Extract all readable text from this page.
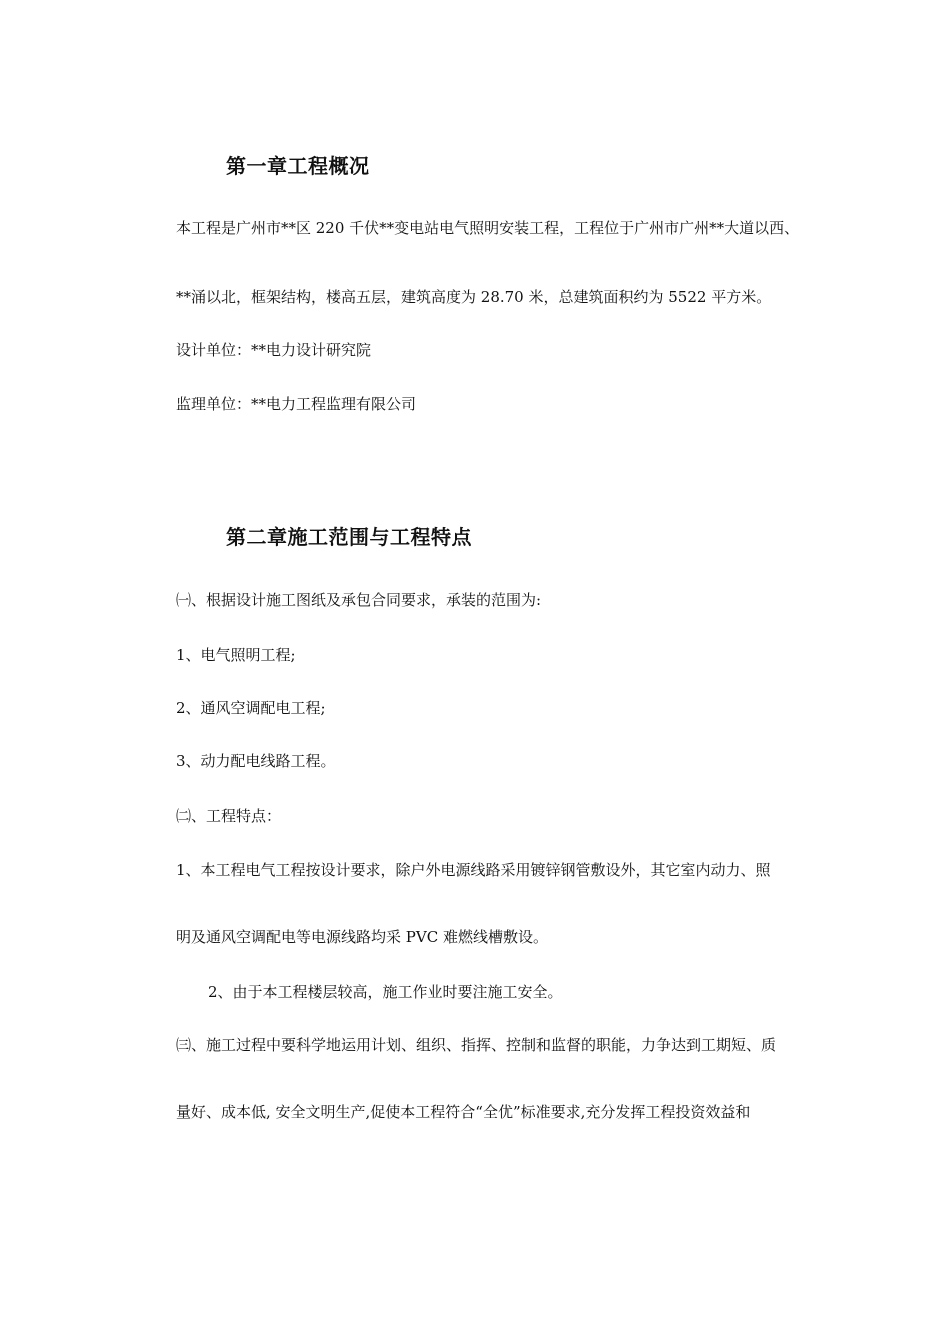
第一章工程概况
本工程是广州市**区 220 千伏**变电站电气照明安装工程，工程位于广州市广州**大道以西、
**涌以北，框架结构，楼高五层，建筑高度为 28.70 米，总建筑面积约为 5522 平方米。
设计单位：**电力设计研究院
监理单位：**电力工程监理有限公司
第二章施工范围与工程特点
㈠、根据设计施工图纸及承包合同要求，承装的范围为:
1、电气照明工程;
2、通风空调配电工程;
3、动力配电线路工程。
㈡、工程特点：
1、本工程电气工程按设计要求，除户外电源线路采用镀锌钢管敷设外，其它室内动力、照
明及通风空调配电等电源线路均采 PVC 难燃线槽敷设。
2、由于本工程楼层较高，施工作业时要注施工安全。
㈢、施工过程中要科学地运用计划、组织、指挥、控制和监督的职能，力争达到工期短、质
量好、成本低, 安全文明生产,促使本工程符合“全优”标准要求,充分发挥工程投资效益和
